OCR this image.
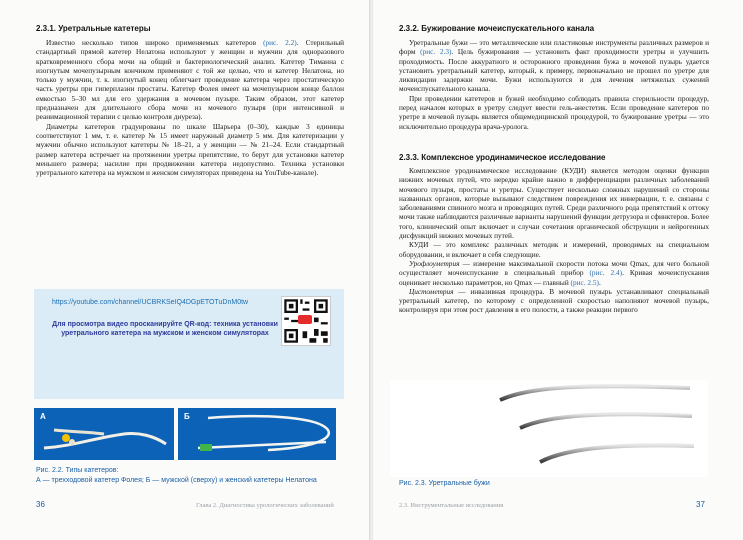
2.3.1. Уретральные катетеры

Известно несколько типов широко применяемых катетеров (рис. 2.2). Стерильный стандартный прямой катетер Нелатона используют у женщин и мужчин для одноразового кратковременного сбора мочи на общий и бактериологический анализ. Катетер Тиманна с изогнутым мочепузырным кончиком применяют с той же целью, что и катетер Нелатона, но только у мужчин, т. к. изогнутый конец облегчает проведение катетера через простатическую часть уретры при гиперплазии простаты. Катетер Фолея имеет на мочепузырном конце баллон емкостью 5–30 мл для его удержания в мочевом пузыре. Таким образом, этот катетер предназначен для длительного сбора мочи из мочевого пузыря (при интенсивной и реанимационной терапии с целью контроля диуреза).

Диаметры катетеров градуированы по шкале Шарьера (0–30), каждые 3 единицы соответствуют 1 мм, т. е. катетер № 15 имеет наружный диаметр 5 мм. Для катетеризации у мужчин обычно используют катетеры № 18–21, а у женщин — № 21–24. Если стандартный размер катетера встречает на протяжении уретры препятствие, то берут для установки катетер меньшего размера; насилие при продвижении катетера недопустимо. Техника установки уретрального катетера на мужском и женском симуляторах приведена на YouTube-канале).

https://youtube.com/channel/UCBRKSeIQ4DGpETOTuDnM0tw
Для просмотра видео просканируйте QR-код: техника установки уретрального катетера на мужском и женском симуляторах
А	Б
Рис. 2.2. Типы катетеров:
А — трехходовой катетер Фолея; Б — мужской (сверху) и женский катетеры Нелатона
36	Глава 2. Диагностика урологических заболеваний
2.3.2. Бужирование мочеиспускательного канала

Уретральные бужи — это металлические или пластиковые инструменты различных размеров и форм (рис. 2.3). Цель бужирования — установить факт проходимости уретры и улучшить проходимость. После аккуратного и осторожного проведения бужа в мочевой пузырь удается установить уретральный катетер, который, к примеру, первоначально не прошел по уретре для ликвидации задержки мочи. Бужи используются и для лечения нетяжелых сужений мочеиспускательного канала.

При проведении катетеров и бужей необходимо соблюдать правила стерильности процедур, перед началом которых в уретру следует ввести гель-анестетик. Если проведение катетеров по уретре в мочевой пузырь является общемедицинской процедурой, то бужирование уретры — это исключительно процедура врача-уролога.

2.3.3. Комплексное уродинамическое исследование

Комплексное уродинамическое исследование (КУДИ) является методом оценки функции нижних мочевых путей, что нередко крайне важно в дифференциации различных заболеваний мочевого пузыря, простаты и уретры. Существует несколько сложных нарушений со стороны названных органов, которые вызывают следствием повреждения их иннервации, т. е. связаны с заболеваниями спинного мозга и проводящих путей. Среди различного рода препятствий к оттоку мочи также наблюдаются различные варианты нарушений функции детрузора и сфинктеров. Более того, клинический опыт включает и случаи сочетания органической обструкции и нейрогенных дисфункций нижних мочевых путей.

КУДИ — это комплекс различных методик и измерений, проводимых на специальном оборудовании, и включает в себя следующие.

Урофлоуметрия — измерение максимальной скорости потока мочи Qmax, для чего больной осуществляет мочеиспускание в специальный прибор (рис. 2.4). Кривая мочеиспускания оценивает несколько параметров, но Qmax — главный (рис. 2.5).

Цистометрия — инвазивная процедура. В мочевой пузырь устанавливают специальный уретральный катетер, по которому с определенной скоростью наполняют мочевой пузырь, контролируя при этом рост давления в его полости, а также реакции первого

Рис. 2.3. Уретральные бужи
2.3. Инструментальные исследования	37
